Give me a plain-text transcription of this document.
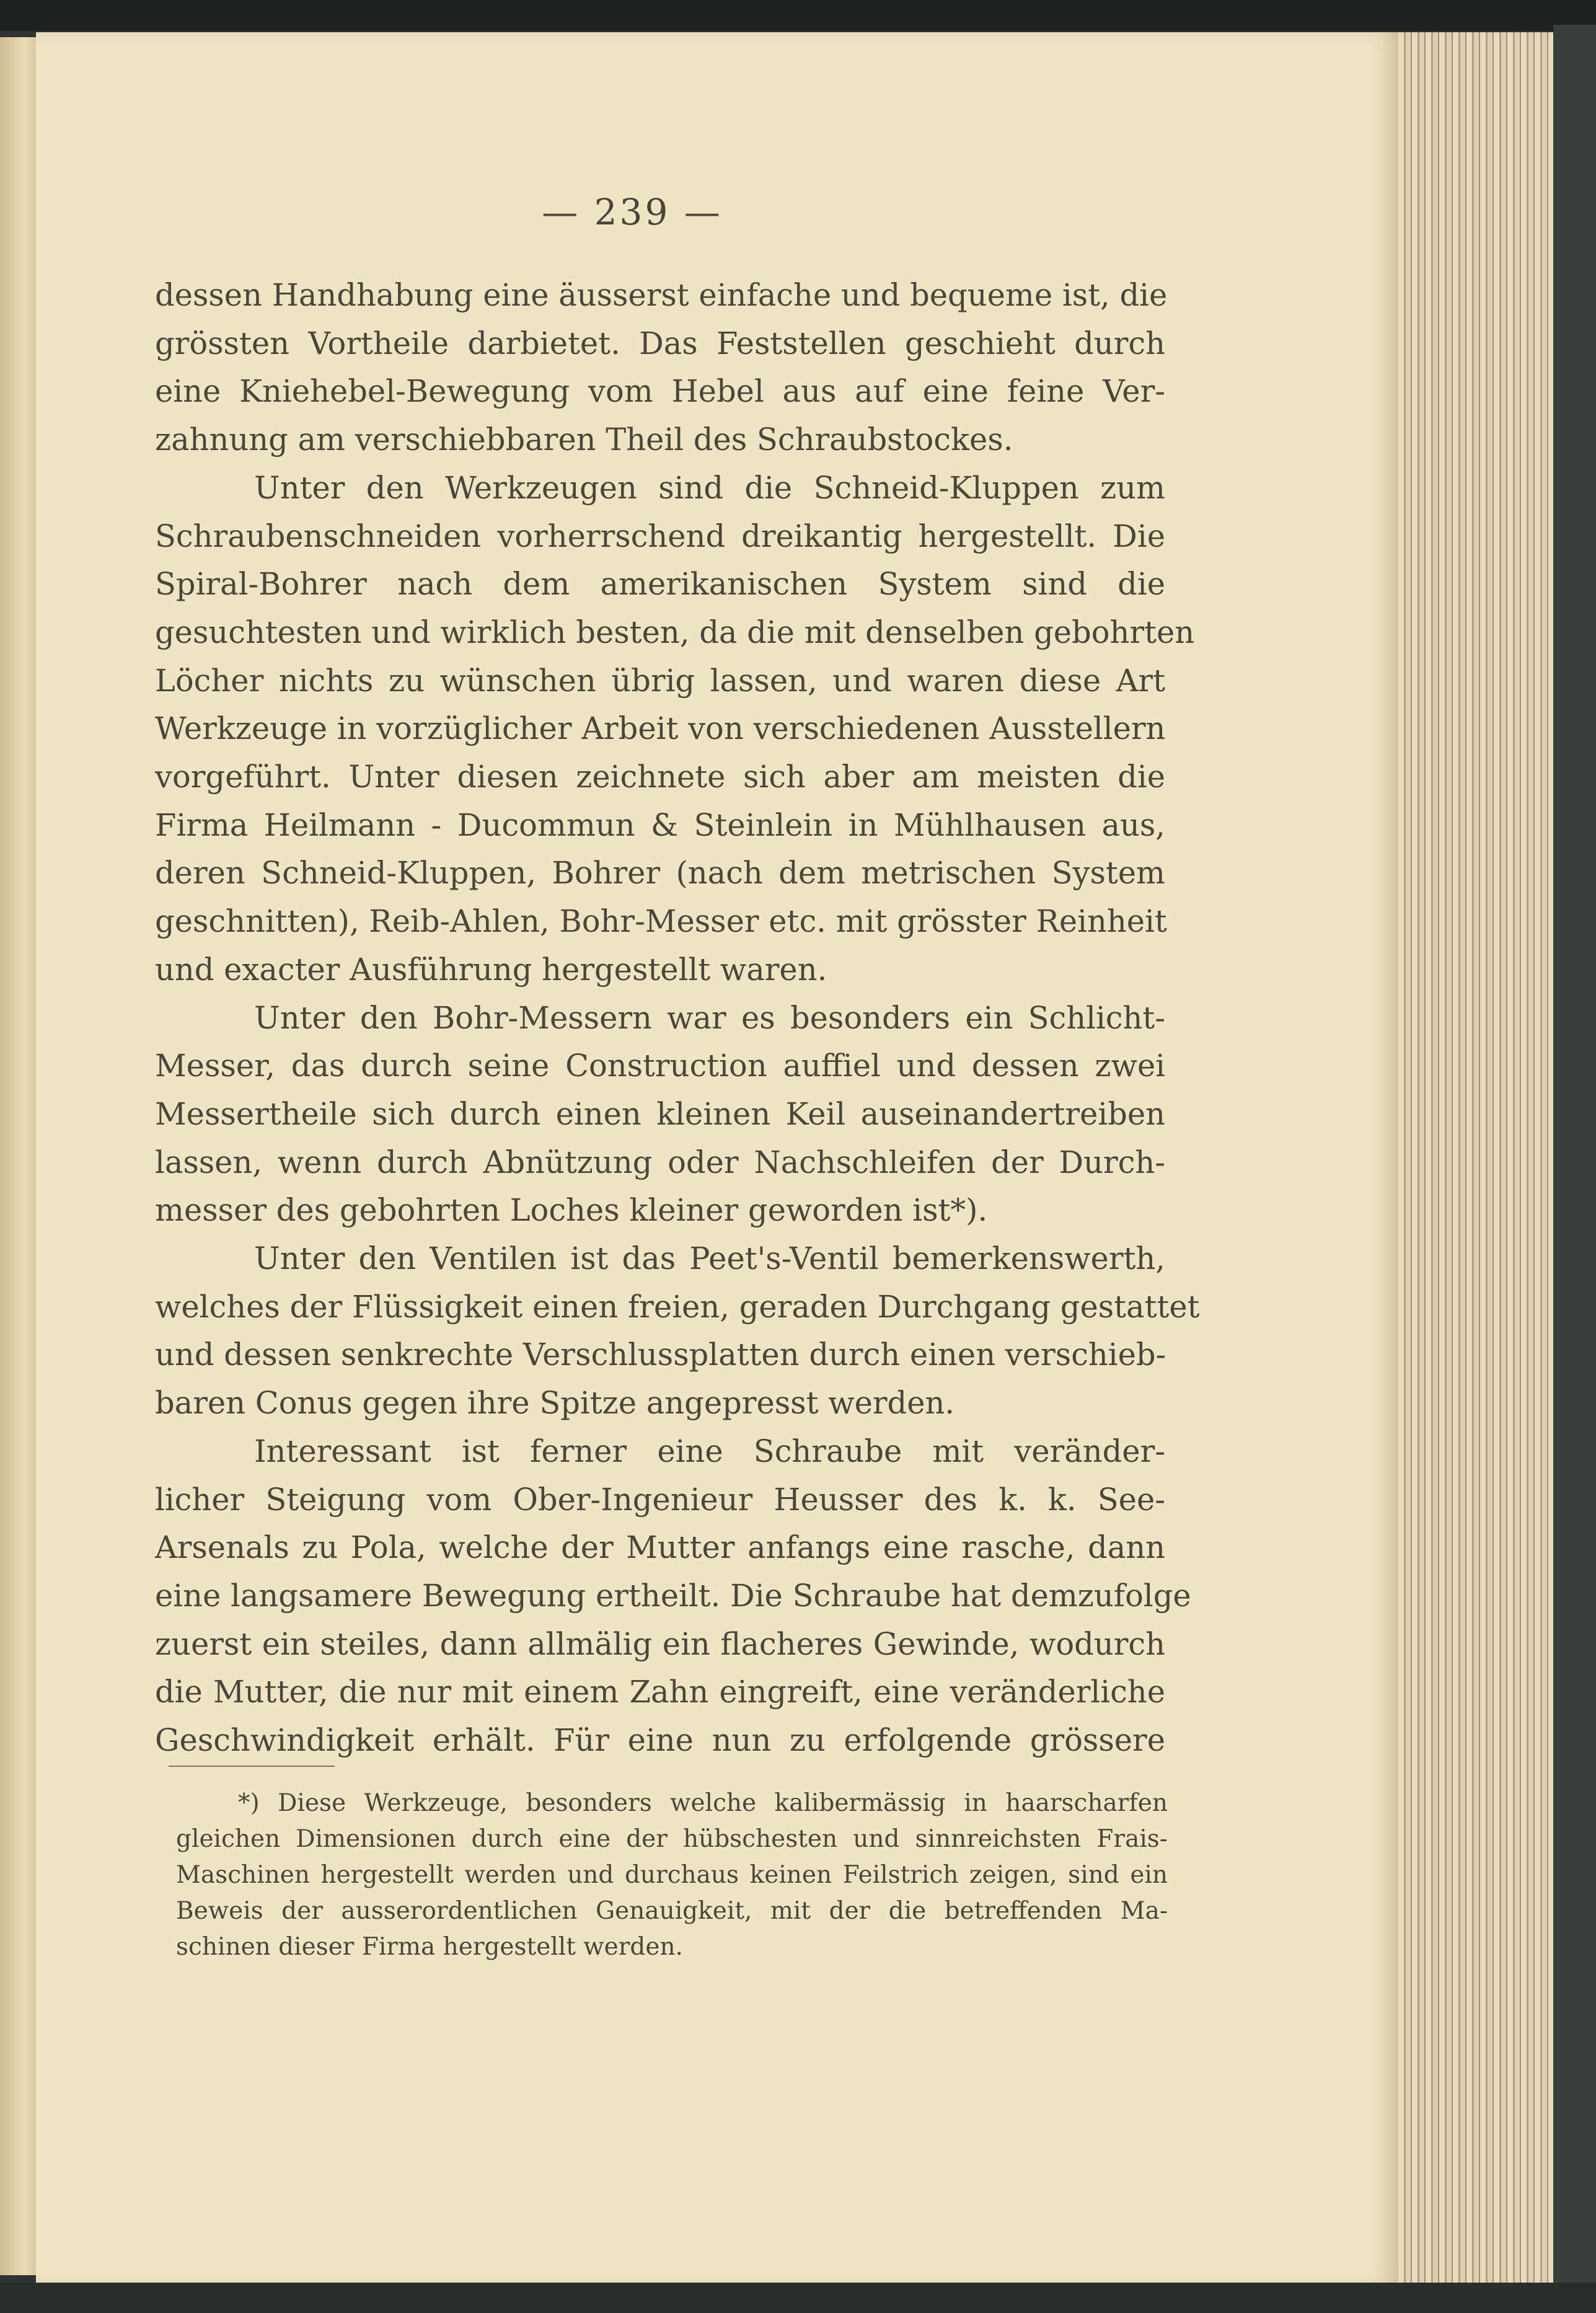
— 239 —
dessen Handhabung eine äusserst einfache und bequeme ist, die
grössten Vortheile darbietet. Das Feststellen geschieht durch
eine Kniehebel-Bewegung vom Hebel aus auf eine feine Ver-
zahnung am verschiebbaren Theil des Schraubstockes.
Unter den Werkzeugen sind die Schneid-Kluppen zum
Schraubenschneiden vorherrschend dreikantig hergestellt. Die
Spiral-Bohrer nach dem amerikanischen System sind die
gesuchtesten und wirklich besten, da die mit denselben gebohrten
Löcher nichts zu wünschen übrig lassen, und waren diese Art
Werkzeuge in vorzüglicher Arbeit von verschiedenen Ausstellern
vorgeführt. Unter diesen zeichnete sich aber am meisten die
Firma Heilmann - Ducommun & Steinlein in Mühlhausen aus,
deren Schneid-Kluppen, Bohrer (nach dem metrischen System
geschnitten), Reib-Ahlen, Bohr-Messer etc. mit grösster Reinheit
und exacter Ausführung hergestellt waren.
Unter den Bohr-Messern war es besonders ein Schlicht-
Messer, das durch seine Construction auffiel und dessen zwei
Messertheile sich durch einen kleinen Keil auseinandertreiben
lassen, wenn durch Abnützung oder Nachschleifen der Durch-
messer des gebohrten Loches kleiner geworden ist*).
Unter den Ventilen ist das Peet's-Ventil bemerkenswerth,
welches der Flüssigkeit einen freien, geraden Durchgang gestattet
und dessen senkrechte Verschlussplatten durch einen verschieb-
baren Conus gegen ihre Spitze angepresst werden.
Interessant ist ferner eine Schraube mit veränder-
licher Steigung vom Ober-Ingenieur Heusser des k. k. See-
Arsenals zu Pola, welche der Mutter anfangs eine rasche, dann
eine langsamere Bewegung ertheilt. Die Schraube hat demzufolge
zuerst ein steiles, dann allmälig ein flacheres Gewinde, wodurch
die Mutter, die nur mit einem Zahn eingreift, eine veränderliche
Geschwindigkeit erhält. Für eine nun zu erfolgende grössere
*) Diese Werkzeuge, besonders welche kalibermässig in haarscharfen
gleichen Dimensionen durch eine der hübschesten und sinnreichsten Frais-
Maschinen hergestellt werden und durchaus keinen Feilstrich zeigen, sind ein
Beweis der ausserordentlichen Genauigkeit, mit der die betreffenden Ma-
schinen dieser Firma hergestellt werden.
